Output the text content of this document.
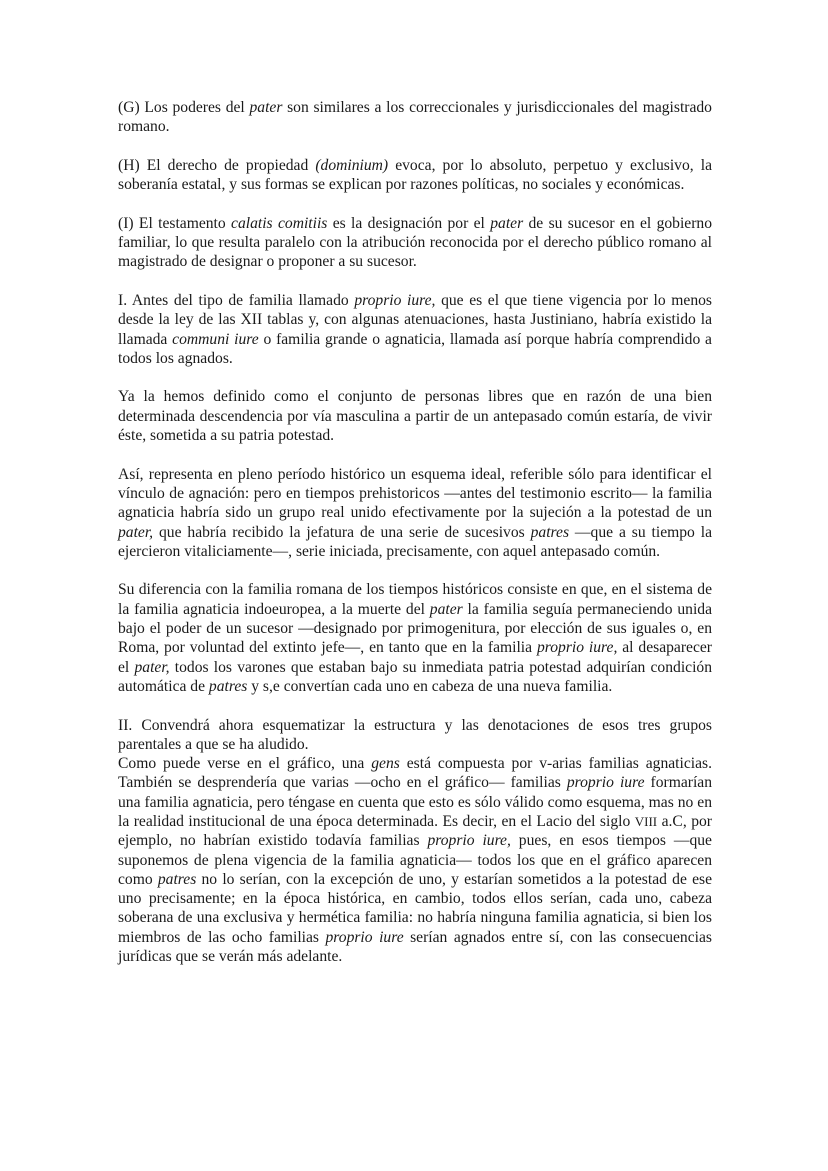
(G) Los poderes del pater son similares a los correccionales y jurisdiccionales del magistrado romano.

(H) El derecho de propiedad (dominium) evoca, por lo absoluto, perpetuo y exclusivo, la soberanía estatal, y sus formas se explican por razones políticas, no sociales y económicas.

(I) El testamento calatis comitiis es la designación por el pater de su sucesor en el gobierno familiar, lo que resulta paralelo con la atribución reconocida por el derecho público romano al magistrado de designar o proponer a su sucesor.

I. Antes del tipo de familia llamado proprio iure, que es el que tiene vigencia por lo menos desde la ley de las XII tablas y, con algunas atenuaciones, hasta Justiniano, habría existido la llamada communi iure o familia grande o agnaticia, llamada así porque habría comprendido a todos los agnados.

Ya la hemos definido como el conjunto de personas libres que en razón de una bien determinada descendencia por vía masculina a partir de un antepasado común estaría, de vivir éste, sometida a su patria potestad.

Así, representa en pleno período histórico un esquema ideal, referible sólo para identificar el vínculo de agnación: pero en tiempos prehistoricos —antes del testimonio escrito— la familia agnaticia habría sido un grupo real unido efectivamente por la sujeción a la potestad de un pater, que habría recibido la jefatura de una serie de sucesivos patres —que a su tiempo la ejercieron vitaliciamente—, serie iniciada, precisamente, con aquel antepasado común.

Su diferencia con la familia romana de los tiempos históricos consiste en que, en el sistema de la familia agnaticia indoeuropea, a la muerte del pater la familia seguía permaneciendo unida bajo el poder de un sucesor —designado por primogenitura, por elección de sus iguales o, en Roma, por voluntad del extinto jefe—, en tanto que en la familia proprio iure, al desaparecer el pater, todos los varones que estaban bajo su inmediata patria potestad adquirían condición automática de patres y s,e convertían cada uno en cabeza de una nueva familia.

II. Convendrá ahora esquematizar la estructura y las denotaciones de esos tres grupos parentales a que se ha aludido.

Como puede verse en el gráfico, una gens está compuesta por v-arias familias agnaticias. También se desprendería que varias —ocho en el gráfico— familias proprio iure formarían una familia agnaticia, pero téngase en cuenta que esto es sólo válido como esquema, mas no en la realidad institucional de una época determinada. Es decir, en el Lacio del siglo VIII a.C, por ejemplo, no habrían existido todavía familias proprio iure, pues, en esos tiempos —que suponemos de plena vigencia de la familia agnaticia— todos los que en el gráfico aparecen como patres no lo serían, con la excepción de uno, y estarían sometidos a la potestad de ese uno precisamente; en la época histórica, en cambio, todos ellos serían, cada uno, cabeza soberana de una exclusiva y hermética familia: no habría ninguna familia agnaticia, si bien los miembros de las ocho familias proprio iure serían agnados entre sí, con las consecuencias jurídicas que se verán más adelante.
